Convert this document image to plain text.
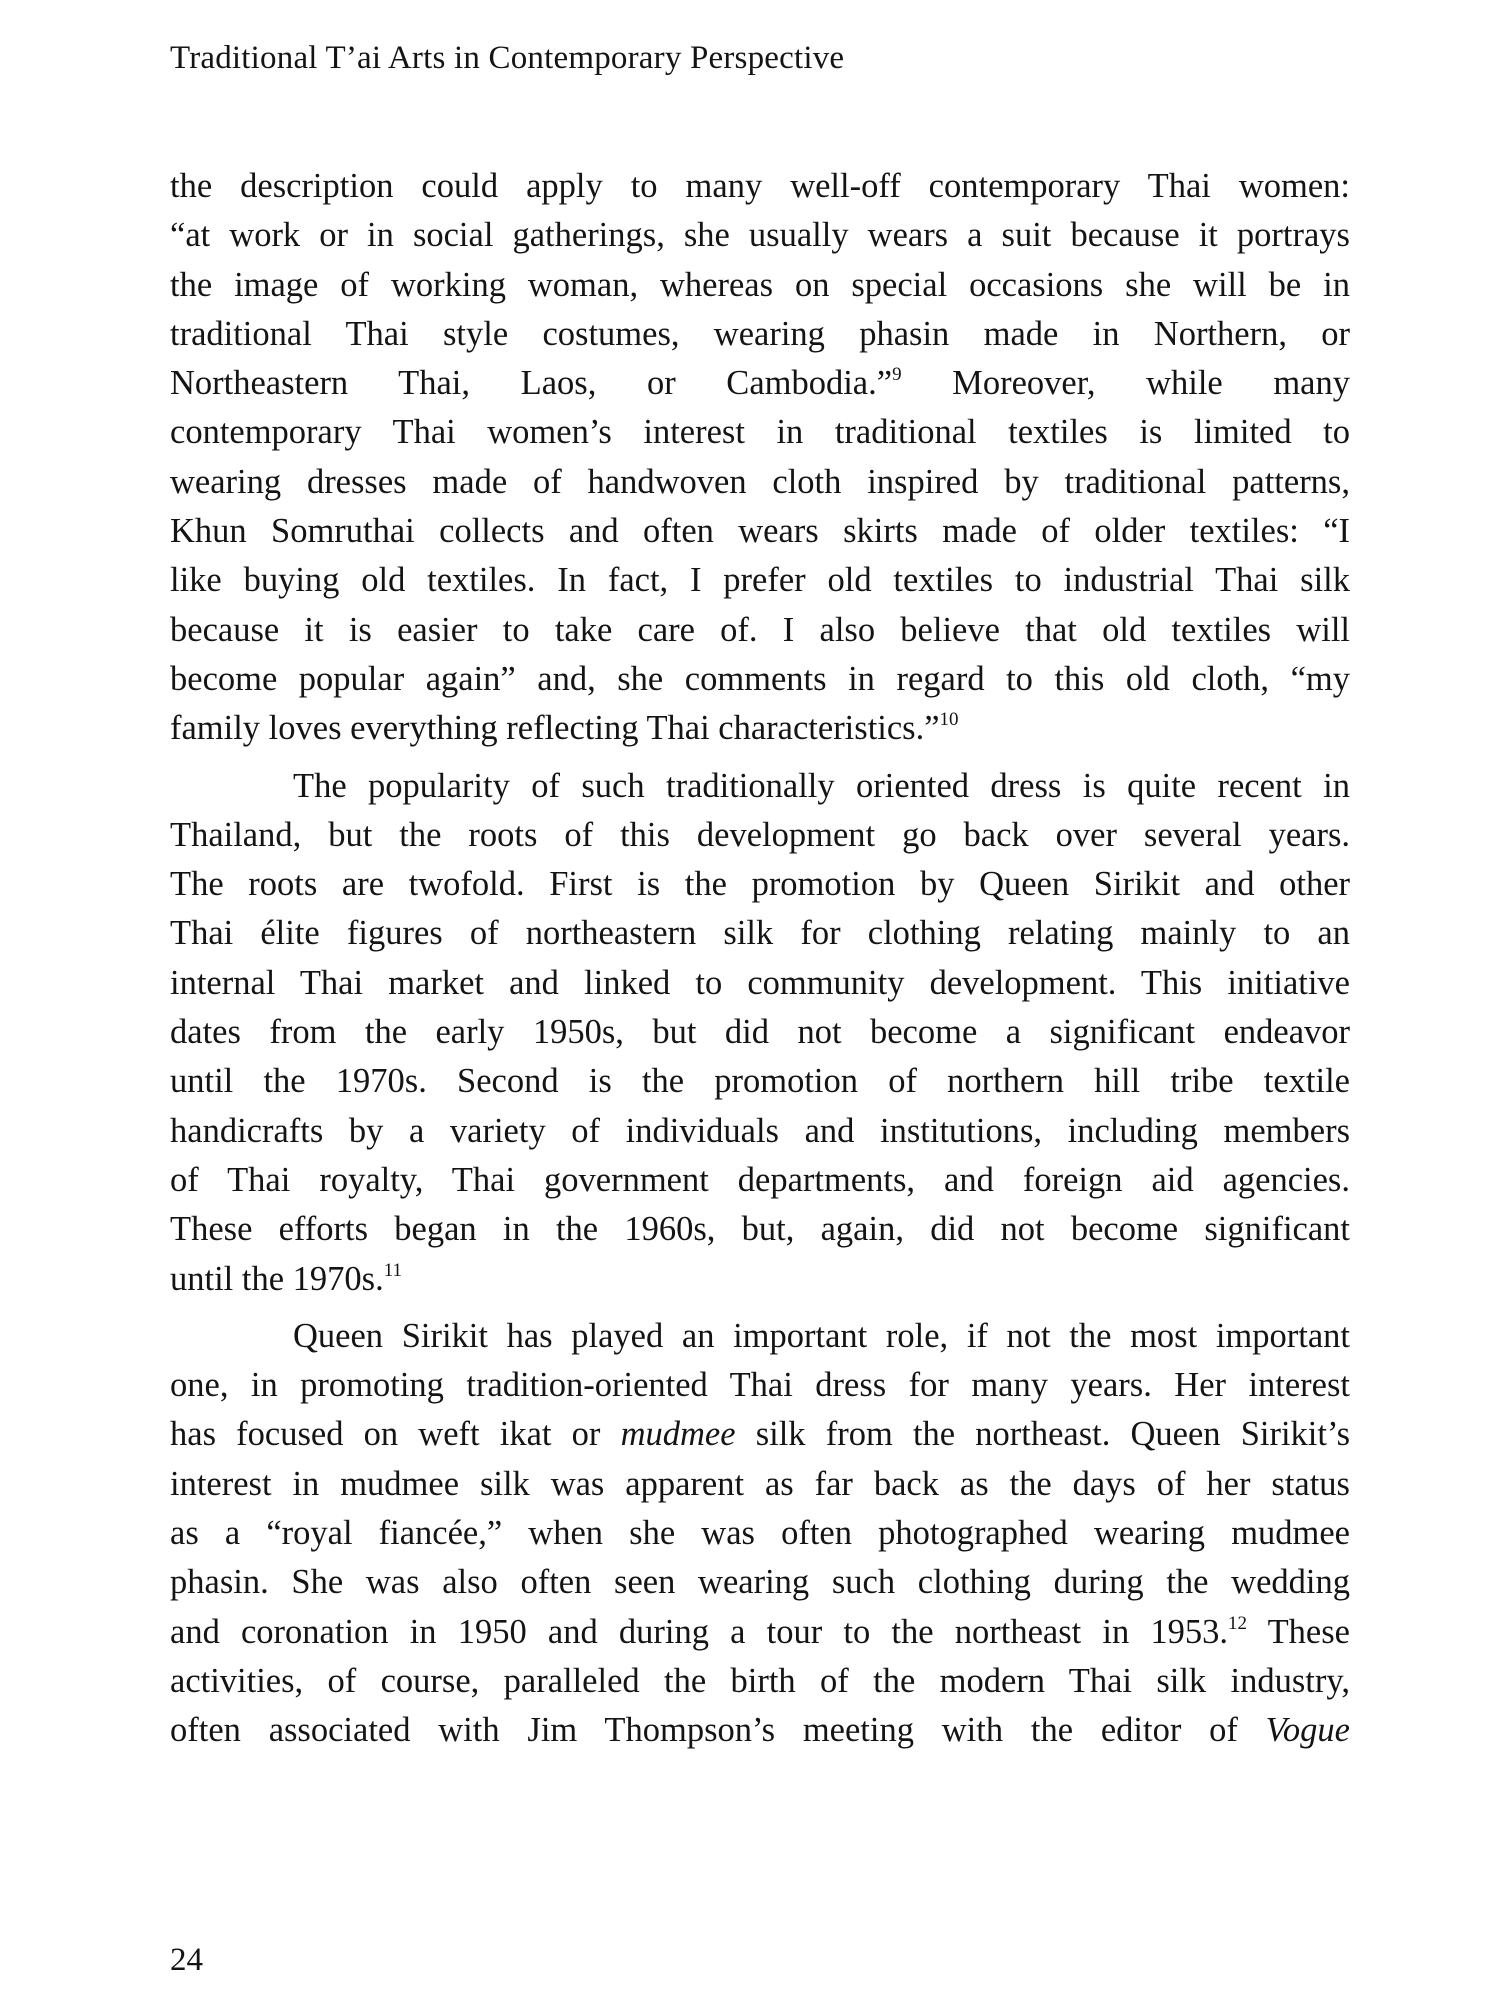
Traditional T’ai Arts in Contemporary Perspective
the description could apply to many well-off contemporary Thai women:
“at work or in social gatherings, she usually wears a suit because it portrays
the image of working woman, whereas on special occasions she will be in
traditional Thai style costumes, wearing phasin made in Northern, or
Northeastern Thai, Laos, or Cambodia.”$^9$ Moreover, while many
contemporary Thai women’s interest in traditional textiles is limited to
wearing dresses made of handwoven cloth inspired by traditional patterns,
Khun Somruthai collects and often wears skirts made of older textiles: “I
like buying old textiles. In fact, I prefer old textiles to industrial Thai silk
because it is easier to take care of. I also believe that old textiles will
become popular again” and, she comments in regard to this old cloth, “my
family loves everything reflecting Thai characteristics.”$^{10}$
The popularity of such traditionally oriented dress is quite recent in
Thailand, but the roots of this development go back over several years.
The roots are twofold. First is the promotion by Queen Sirikit and other
Thai élite figures of northeastern silk for clothing relating mainly to an
internal Thai market and linked to community development. This initiative
dates from the early 1950s, but did not become a significant endeavor
until the 1970s. Second is the promotion of northern hill tribe textile
handicrafts by a variety of individuals and institutions, including members
of Thai royalty, Thai government departments, and foreign aid agencies.
These efforts began in the 1960s, but, again, did not become significant
until the 1970s.$^{11}$
Queen Sirikit has played an important role, if not the most important
one, in promoting tradition-oriented Thai dress for many years. Her interest
has focused on weft ikat or mudmee silk from the northeast. Queen Sirikit’s
interest in mudmee silk was apparent as far back as the days of her status
as a “royal fiancée,” when she was often photographed wearing mudmee
phasin. She was also often seen wearing such clothing during the wedding
and coronation in 1950 and during a tour to the northeast in 1953.12 These
activities, of course, paralleled the birth of the modern Thai silk industry,
often associated with Jim Thompson’s meeting with the editor of Vogue
24
